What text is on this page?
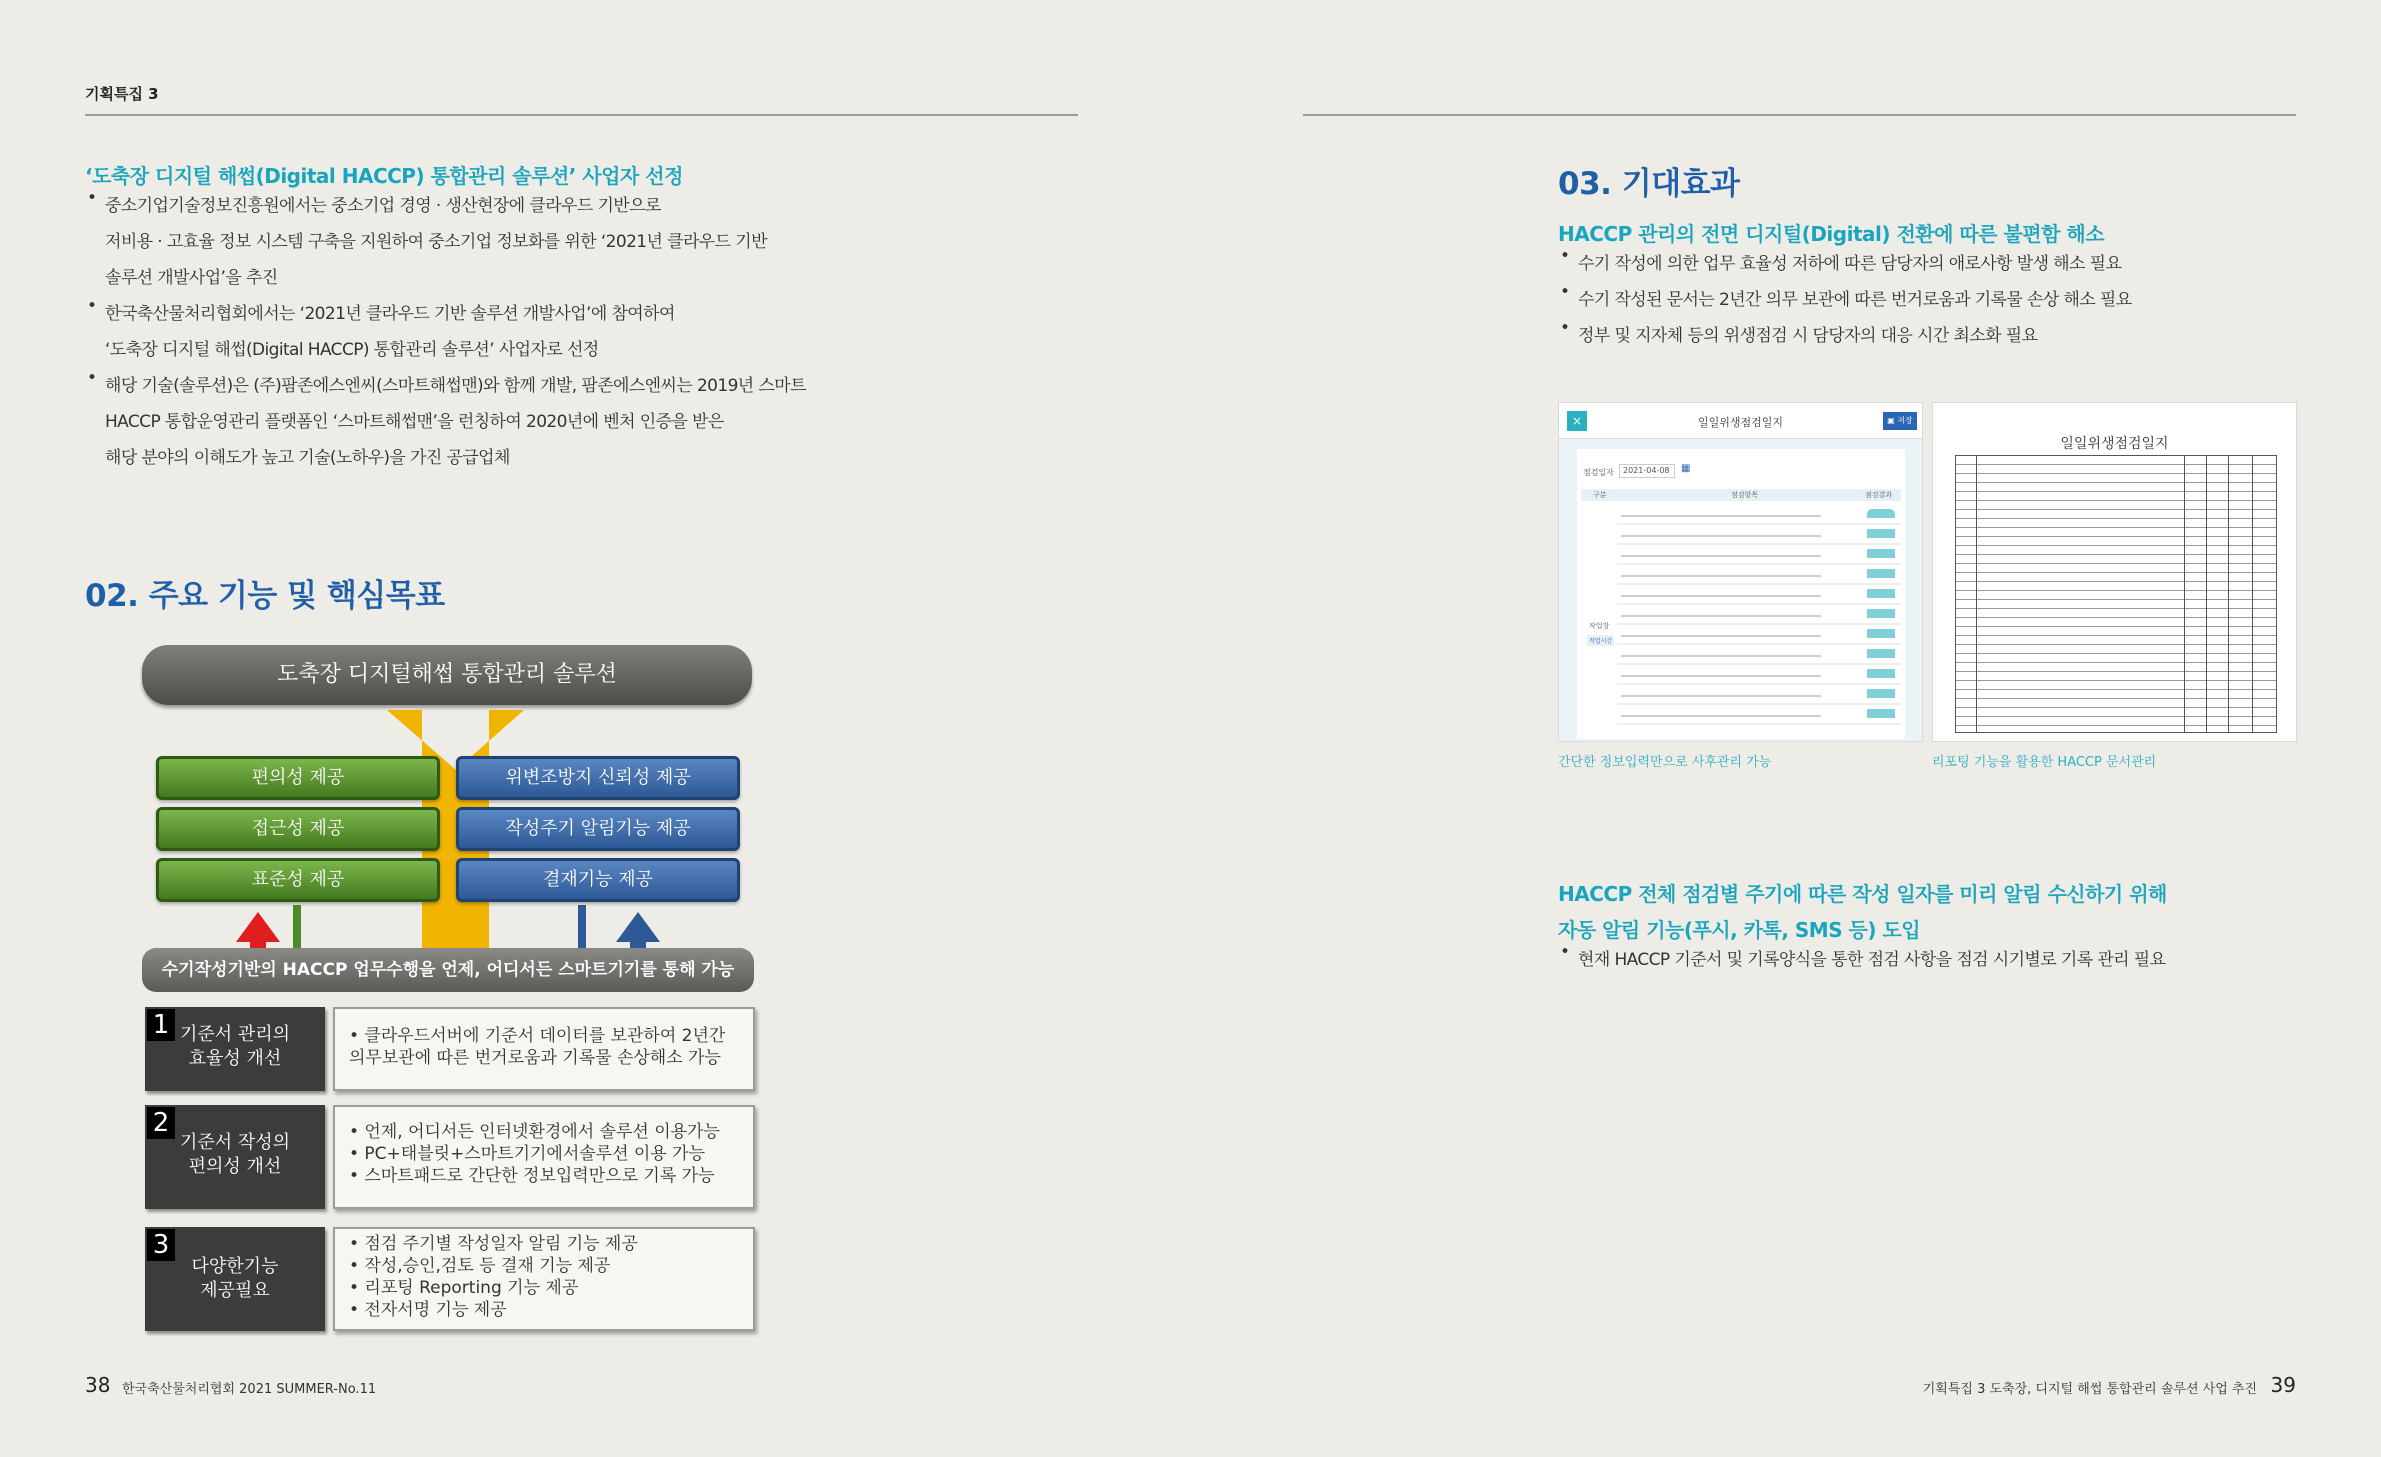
기획특집 3
‘도축장 디지털 해썹(Digital HACCP) 통합관리 솔루션’ 사업자 선정
• 중소기업기술정보진흥원에서는 중소기업 경영 · 생산현장에 클라우드 기반으로
저비용 · 고효율 정보 시스템 구축을 지원하여 중소기업 정보화를 위한 ‘2021년 클라우드 기반
솔루션 개발사업’을 추진
• 한국축산물처리협회에서는 ‘2021년 클라우드 기반 솔루션 개발사업’에 참여하여
‘도축장 디지털 해썹(Digital HACCP) 통합관리 솔루션’ 사업자로 선정
• 해당 기술(솔루션)은 (주)팜존에스엔씨(스마트해썹맨)와 함께 개발, 팜존에스엔씨는 2019년 스마트
HACCP 통합운영관리 플랫폼인 ‘스마트해썹맨’을 런칭하여 2020년에 벤처 인증을 받은
해당 분야의 이해도가 높고 기술(노하우)을 가진 공급업체
02. 주요 기능 및 핵심목표
도축장 디지털해썹 통합관리 솔루션
편의성 제공
접근성 제공
표준성 제공
위변조방지 신뢰성 제공
작성주기 알림기능 제공
결재기능 제공
수기작성기반의 HACCP 업무수행을 언제, 어디서든 스마트기기를 통해 가능
1 기준서 관리의
효율성 개선
• 클라우드서버에 기준서 데이터를 보관하여 2년간
의무보관에 따른 번거로움과 기록물 손상해소 가능
2
기준서 작성의
편의성 개선
• 언제, 어디서든 인터넷환경에서 솔루션 이용가능
• PC+태블릿+스마트기기에서솔루션 이용 가능
• 스마트패드로 간단한 정보입력만으로 기록 가능
3
다양한기능
제공필요
• 점검 주기별 작성일자 알림 기능 제공
• 작성,승인,검토 등 결재 기능 제공
• 리포팅 Reporting 기능 제공
• 전자서명 기능 제공
03. 기대효과
HACCP 관리의 전면 디지털(Digital) 전환에 따른 불편함 해소
• 수기 작성에 의한 업무 효율성 저하에 따른 담당자의 애로사항 발생 해소 필요
• 수기 작성된 문서는 2년간 의무 보관에 따른 번거로움과 기록물 손상 해소 필요
• 정부 및 지자체 등의 위생점검 시 담당자의 대응 시간 최소화 필요
×	일일위생점검일지	▣ 저장
점검일자	2021-04-08	▦
구분	점검항목	점검결과
작업장
작업시간
일일위생점검일지
간단한 정보입력만으로 사후관리 가능	리포팅 기능을 활용한 HACCP 문서관리
HACCP 전체 점검별 주기에 따른 작성 일자를 미리 알림 수신하기 위해
자동 알림 기능(푸시, 카톡, SMS 등) 도입
• 현재 HACCP 기준서 및 기록양식을 통한 점검 사항을 점검 시기별로 기록 관리 필요
38 한국축산물처리협회 2021 SUMMER-No.11	기획특집 3 도축장, 디지털 해썹 통합관리 솔루션 사업 추진 39
